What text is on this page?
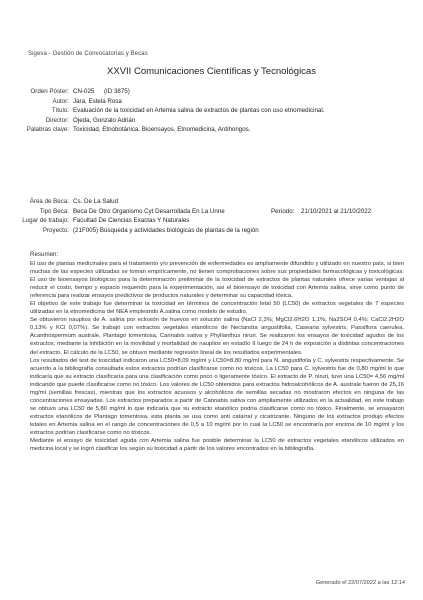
Sigeva - Gestión de Convocatorias y Becas
XXVII Comunicaciones Científicas y Tecnológicas
Orden Póster: CN-025 (ID 3875)
Autor: Jara, Estela Rosa
Título: Evaluación de la toxicidad en Artemia salina de extractos de plantas con uso etnomedicinal.
Director: Ojeda, Gonzalo Adrián
Palabras clave: Toxicidad, Etnobotánica, Bioensayos, Etnomedicina, Antihongos.
Área de Beca: Cs. De La Salud
Tipo Beca: Beca De Otro Organismo Cyt Desarrollada En La Unne	Período: 21/10/2021 al 21/10/2022
Lugar de trabajo: Facultad De Ciencias Exactas Y Naturales
Proyecto: (21F005) Búsqueda y actividades biológicas de plantas de la región
Resumen:

El uso de plantas medicinales para el tratamiento y/o prevención de enfermedades es ampliamente difundido y utilizado en nuestro país, si bien muchas de las especies utilizadas se toman empíricamente, no tienen comprobaciones sobre sus propiedades farmacológicas y toxicológicas. El uso de bioensayos biológicos para la determinación preliminar de la toxicidad de extractos de plantas naturales ofrece varias ventajas al reducir el costo, tiempo y espacio requerido para la experimentación, así el bioensayo de toxicidad con Artemia salina, sirve como punto de referencia para realizar ensayos predictivos de productos naturales y determinar su capacidad tóxica.

El objetivo de este trabajo fue determinar la toxicidad en términos de concentración letal 50 (LC50) de extractos vegetales de 7 especies utilizadas en la etnomedicina del NEA empleando A.salina como modelo de estudio.

Se obtuvieron nauplios de A. salina por eclosión de huevos en solución salina (NaCl 2,3%; MgCl2.6H2O 1,1%; Na2SO4 0,4%; CaCl2.2H2O 0,13% y KCl 0,07%). Se trabajó con extractos vegetales etanólicos de Nectandra angustifolia, Casearia sylvestris, Passiflora caerulea, Acanthospermum australe, Plantago tomentosa, Cannabis sativa y Phyllanthus niruri. Se realizaron los ensayos de toxicidad agudos de los extractos, mediante la inhibición en la movilidad y mortalidad de nauplios en estadío II luego de 24 h de exposición a distintas concentraciones del extracto. El cálculo de la LC50, se obtuvo mediante regresión lineal de los resultados experimentales.

Los resultados del test de toxicidad indicaron una LC50=8,09 mg/ml y LC50=8,80 mg/ml para N. angustifolia y C. sylvestris respectivamente. Se acuerdo a la bibliografía consultada estos extractos podrían clasificarse como no tóxicos. La LC50 para C. sylvestris fue de 0,80 mg/ml lo que indicaría que su extracto clasificaría para una clasificación como poco o ligeramente tóxico. El extracto de P. niruri, tuvo una LC50= 4,56 mg/ml indicando que puede clasificarse como no tóxico. Los valores de LC50 obtenidos para extractos hidroalcohólicos de A. australe fueron de 25,16 mg/ml (semillas frescas), mientras que los extractos acuosos y alcohólicos de semillas secadas no mostraron efectos en ninguna de las concentraciones ensayadas. Los extractos preparados a partir de Cannabis sativa con ampliamente utilizados en la actualidad, en este trabajo se obtuvo una LC50 de 5,80 mg/ml lo que indicaría que su extracto etanólico podría clasificarse como no tóxico. Finalmente, se ensayaron extractos etanólicos de Plantago tomentosa, esta planta se usa como anti catarral y cicatrizante. Ninguno de los extractos produjo efectos letales en Artemia salina en el rango de concentraciones de 0,5 a 10 mg/ml por lo cual la LC50 se encontraría por encima de 10 mg/ml y los extractos podrían clasificarse como no tóxicos.

Mediante el ensayo de toxicidad aguda con Artemia salina fue posible determinar la LC50 de extractos vegetales etanólicos utilizados en medicina local y se logró clasificar los según su toxicidad a partir de los valores encontrados en la bibliografía.

Generado el 22/07/2022 a las 12:14
